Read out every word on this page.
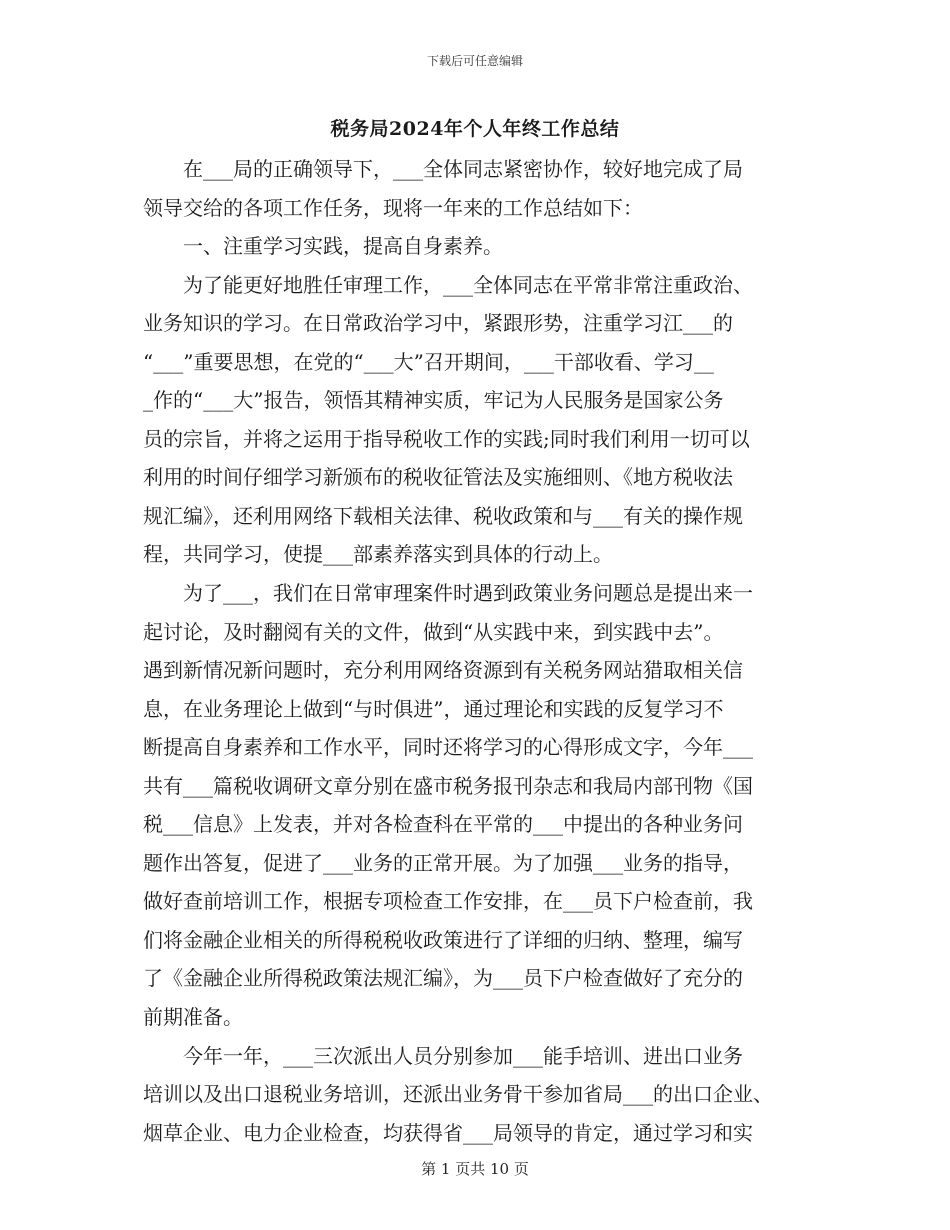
下载后可任意编辑
税务局2024年个人年终工作总结
在___局的正确领导下，___全体同志紧密协作，较好地完成了局
领导交给的各项工作任务，现将一年来的工作总结如下：
一、注重学习实践，提高自身素养。
为了能更好地胜任审理工作，___全体同志在平常非常注重政治、
业务知识的学习。在日常政治学习中，紧跟形势，注重学习江___的
“___”重要思想，在党的“___大”召开期间，___干部收看、学习__
_作的“___大”报告，领悟其精神实质，牢记为人民服务是国家公务
员的宗旨，并将之运用于指导税收工作的实践;同时我们利用一切可以
利用的时间仔细学习新颁布的税收征管法及实施细则、《地方税收法
规汇编》，还利用网络下载相关法律、税收政策和与___有关的操作规
程，共同学习，使提___部素养落实到具体的行动上。
为了___，我们在日常审理案件时遇到政策业务问题总是提出来一
起讨论，及时翻阅有关的文件，做到“从实践中来，到实践中去”。
遇到新情况新问题时，充分利用网络资源到有关税务网站猎取相关信
息，在业务理论上做到“与时俱进”，通过理论和实践的反复学习不
断提高自身素养和工作水平，同时还将学习的心得形成文字，今年___
共有___篇税收调研文章分别在盛市税务报刊杂志和我局内部刊物《国
税___信息》上发表，并对各检查科在平常的___中提出的各种业务问
题作出答复，促进了___业务的正常开展。为了加强___业务的指导，
做好查前培训工作，根据专项检查工作安排，在___员下户检查前，我
们将金融企业相关的所得税税收政策进行了详细的归纳、整理，编写
了《金融企业所得税政策法规汇编》，为___员下户检查做好了充分的
前期准备。
今年一年，___三次派出人员分别参加___能手培训、进出口业务
培训以及出口退税业务培训，还派出业务骨干参加省局___的出口企业、
烟草企业、电力企业检查，均获得省___局领导的肯定，通过学习和实
第 1 页共 10 页
